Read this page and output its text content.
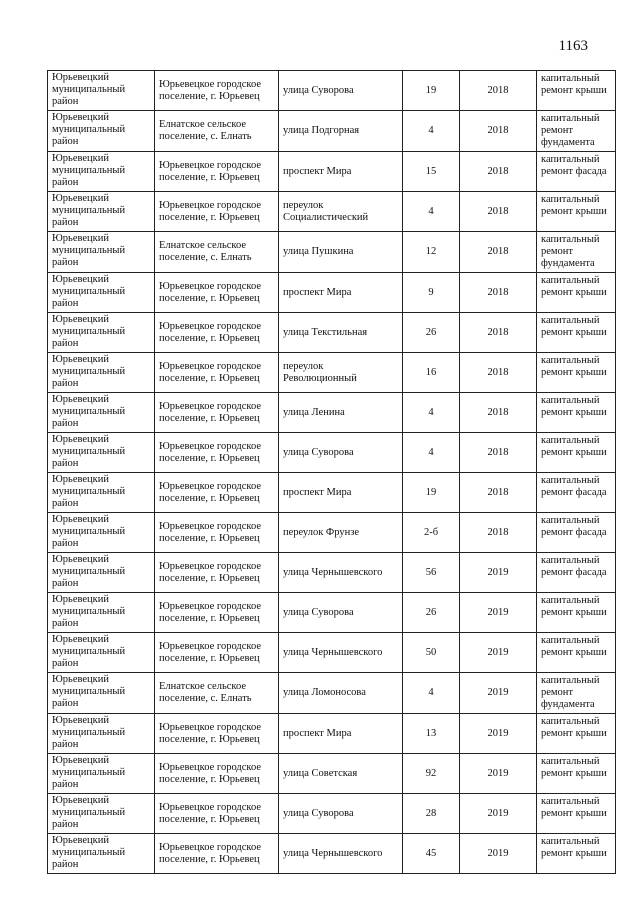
1163
Юрьевецкий муниципальный район	Юрьевецкое городское поселение, г. Юрьевец	улица Суворова	19	2018	капитальный ремонт крыши
Юрьевецкий муниципальный район	Елнатское сельское поселение, с. Елнать	улица Подгорная	4	2018	капитальный ремонт фундамента
Юрьевецкий муниципальный район	Юрьевецкое городское поселение, г. Юрьевец	проспект Мира	15	2018	капитальный ремонт фасада
Юрьевецкий муниципальный район	Юрьевецкое городское поселение, г. Юрьевец	переулок Социалистический	4	2018	капитальный ремонт крыши
Юрьевецкий муниципальный район	Елнатское сельское поселение, с. Елнать	улица Пушкина	12	2018	капитальный ремонт фундамента
Юрьевецкий муниципальный район	Юрьевецкое городское поселение, г. Юрьевец	проспект Мира	9	2018	капитальный ремонт крыши
Юрьевецкий муниципальный район	Юрьевецкое городское поселение, г. Юрьевец	улица Текстильная	26	2018	капитальный ремонт крыши
Юрьевецкий муниципальный район	Юрьевецкое городское поселение, г. Юрьевец	переулок Революционный	16	2018	капитальный ремонт крыши
Юрьевецкий муниципальный район	Юрьевецкое городское поселение, г. Юрьевец	улица Ленина	4	2018	капитальный ремонт крыши
Юрьевецкий муниципальный район	Юрьевецкое городское поселение, г. Юрьевец	улица Суворова	4	2018	капитальный ремонт крыши
Юрьевецкий муниципальный район	Юрьевецкое городское поселение, г. Юрьевец	проспект Мира	19	2018	капитальный ремонт фасада
Юрьевецкий муниципальный район	Юрьевецкое городское поселение, г. Юрьевец	переулок Фрунзе	2-б	2018	капитальный ремонт фасада
Юрьевецкий муниципальный район	Юрьевецкое городское поселение, г. Юрьевец	улица Чернышевского	56	2019	капитальный ремонт фасада
Юрьевецкий муниципальный район	Юрьевецкое городское поселение, г. Юрьевец	улица Суворова	26	2019	капитальный ремонт крыши
Юрьевецкий муниципальный район	Юрьевецкое городское поселение, г. Юрьевец	улица Чернышевского	50	2019	капитальный ремонт крыши
Юрьевецкий муниципальный район	Елнатское сельское поселение, с. Елнать	улица Ломоносова	4	2019	капитальный ремонт фундамента
Юрьевецкий муниципальный район	Юрьевецкое городское поселение, г. Юрьевец	проспект Мира	13	2019	капитальный ремонт крыши
Юрьевецкий муниципальный район	Юрьевецкое городское поселение, г. Юрьевец	улица Советская	92	2019	капитальный ремонт крыши
Юрьевецкий муниципальный район	Юрьевецкое городское поселение, г. Юрьевец	улица Суворова	28	2019	капитальный ремонт крыши
Юрьевецкий муниципальный район	Юрьевецкое городское поселение, г. Юрьевец	улица Чернышевского	45	2019	капитальный ремонт крыши
